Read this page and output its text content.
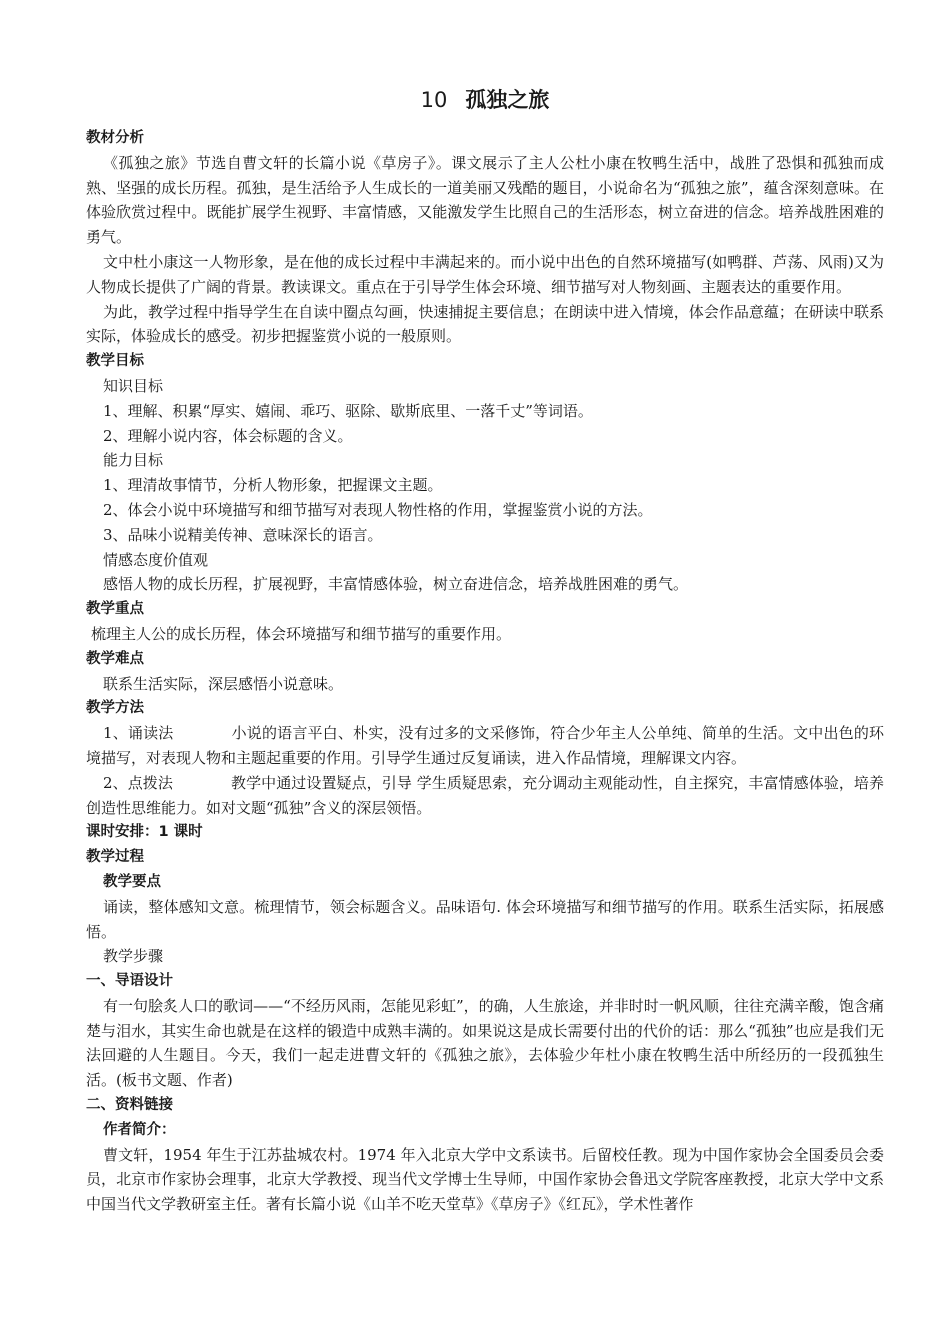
10 孤独之旅
教材分析

《孤独之旅》节选自曹文轩的长篇小说《草房子》。课文展示了主人公杜小康在牧鸭生活中，战胜了恐惧和孤独而成熟、坚强的成长历程。孤独，是生活给予人生成长的一道美丽又残酷的题目，小说命名为“孤独之旅”，蕴含深刻意味。在体验欣赏过程中。既能扩展学生视野、丰富情感，又能激发学生比照自己的生活形态，树立奋进的信念。培养战胜困难的勇气。

文中杜小康这一人物形象，是在他的成长过程中丰满起来的。而小说中出色的自然环境描写(如鸭群、芦荡、风雨)又为人物成长提供了广阔的背景。教读课文。重点在于引导学生体会环境、细节描写对人物刻画、主题表达的重要作用。

为此，教学过程中指导学生在自读中圈点勾画，快速捕捉主要信息；在朗读中进入情境，体会作品意蕴；在研读中联系实际，体验成长的感受。初步把握鉴赏小说的一般原则。

教学目标

知识目标

1、理解、积累“厚实、嬉闹、乖巧、驱除、歇斯底里、一落千丈”等词语。

2、理解小说内容，体会标题的含义。

能力目标

1、理清故事情节，分析人物形象，把握课文主题。

2、体会小说中环境描写和细节描写对表现人物性格的作用，掌握鉴赏小说的方法。

3、品味小说精美传神、意味深长的语言。

情感态度价值观

感悟人物的成长历程，扩展视野，丰富情感体验，树立奋进信念，培养战胜困难的勇气。

教学重点

梳理主人公的成长历程，体会环境描写和细节描写的重要作用。

教学难点

联系生活实际，深层感悟小说意味。

教学方法

1、诵读法	小说的语言平白、朴实，没有过多的文采修饰，符合少年主人公单纯、简单的生活。文中出色的环境描写，对表现人物和主题起重要的作用。引导学生通过反复诵读，进入作品情境，理解课文内容。

2、点拨法	教学中通过设置疑点，引导 学生质疑思索，充分调动主观能动性，自主探究，丰富情感体验，培养创造性思维能力。如对文题“孤独”含义的深层领悟。

课时安排：1 课时
教学过程
教学要点

诵读，整体感知文意。梳理情节，领会标题含义。品味语句. 体会环境描写和细节描写的作用。联系生活实际，拓展感悟。

教学步骤

一、导语设计

有一句脍炙人口的歌词——“不经历风雨，怎能见彩虹”，的确，人生旅途，并非时时一帆风顺，往往充满辛酸，饱含痛楚与泪水，其实生命也就是在这样的锻造中成熟丰满的。如果说这是成长需要付出的代价的话：那么“孤独”也应是我们无法回避的人生题目。今天，我们一起走进曹文轩的《孤独之旅》，去体验少年杜小康在牧鸭生活中所经历的一段孤独生活。(板书文题、作者)

二、资料链接
作者简介：

曹文轩，1954 年生于江苏盐城农村。1974 年入北京大学中文系读书。后留校任教。现为中国作家协会全国委员会委员，北京市作家协会理事，北京大学教授、现当代文学博士生导师，中国作家协会鲁迅文学院客座教授，北京大学中文系中国当代文学教研室主任。著有长篇小说《山羊不吃天堂草》《草房子》《红瓦》，学术性著作
